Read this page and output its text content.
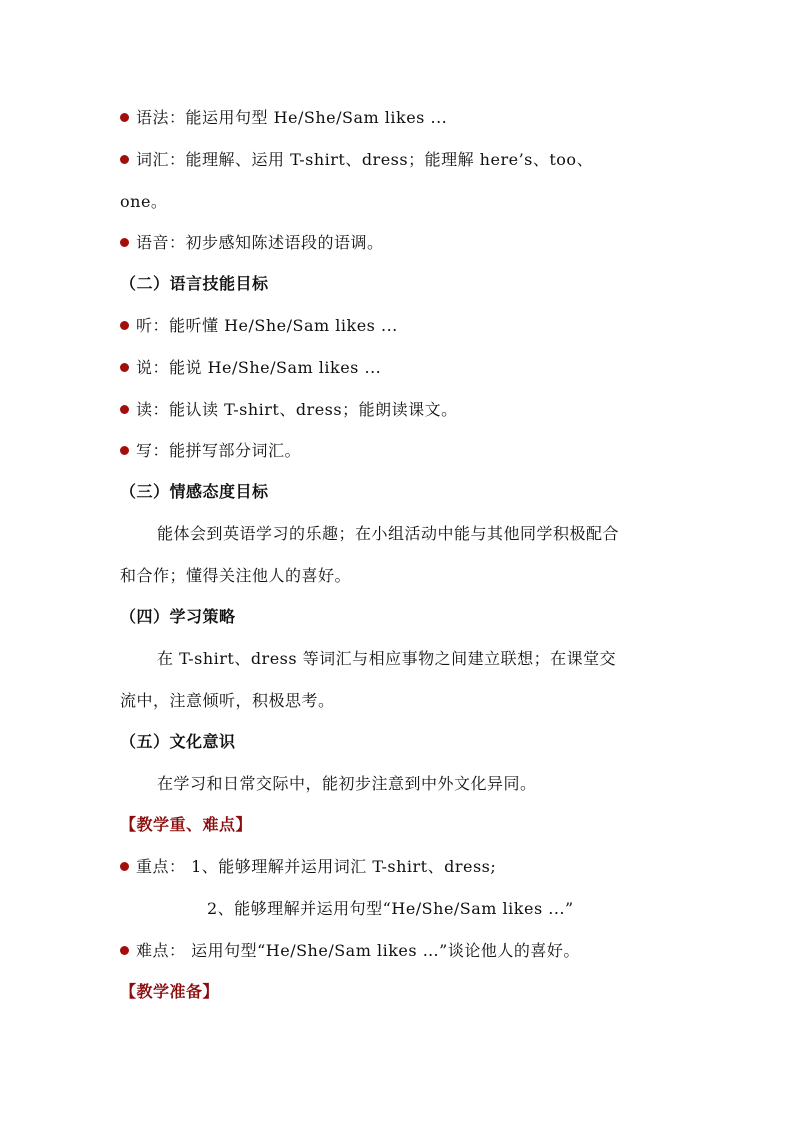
语法：能运用句型 He/She/Sam likes ...
词汇：能理解、运用 T-shirt、dress；能理解 here’s、too、
one。
语音：初步感知陈述语段的语调。
（二）语言技能目标
听：能听懂 He/She/Sam likes ...
说：能说 He/She/Sam likes ...
读：能认读 T-shirt、dress；能朗读课文。
写：能拼写部分词汇。
（三）情感态度目标
能体会到英语学习的乐趣；在小组活动中能与其他同学积极配合
和合作；懂得关注他人的喜好。
（四）学习策略
在 T-shirt、dress 等词汇与相应事物之间建立联想；在课堂交
流中，注意倾听，积极思考。
（五）文化意识
在学习和日常交际中，能初步注意到中外文化异同。
【教学重、难点】
重点： 1、能够理解并运用词汇 T-shirt、dress;
2、能够理解并运用句型“He/She/Sam likes ...”
难点： 运用句型“He/She/Sam likes …”谈论他人的喜好。
【教学准备】
